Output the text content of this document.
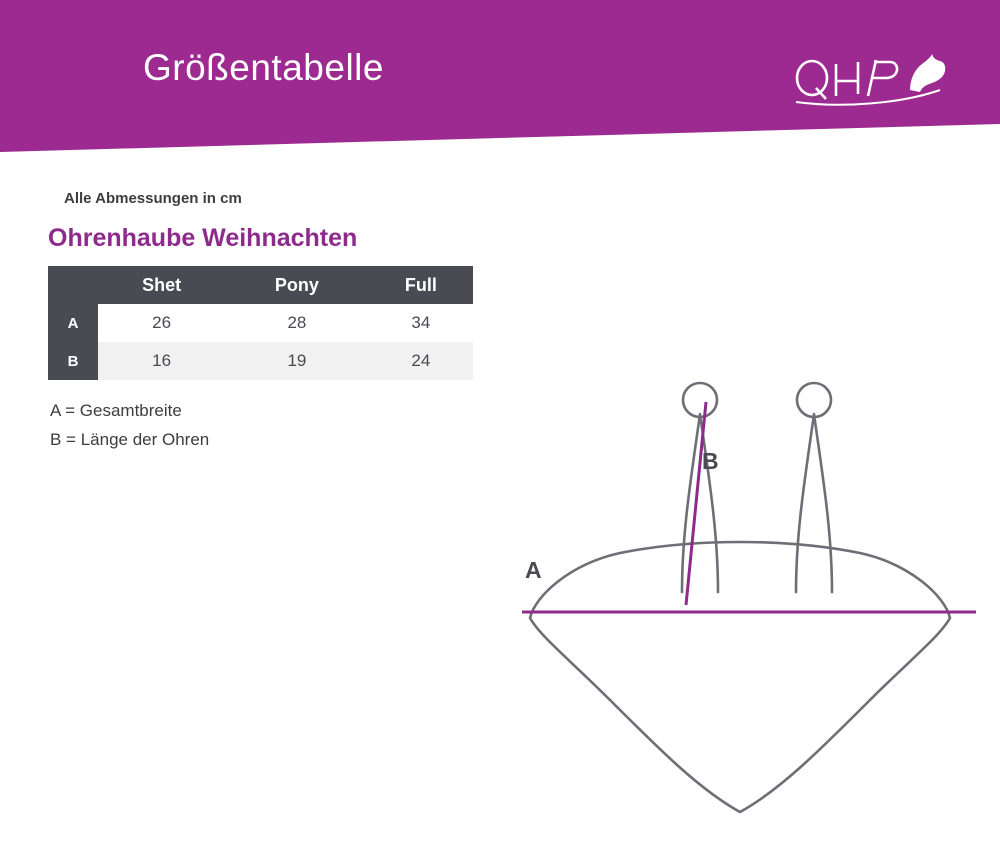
Größentabelle
Alle Abmessungen in cm
Ohrenhaube Weihnachten
	Shet	Pony	Full
A	26	28	34
B	16	19	24
A = Gesamtbreite
B = Länge der Ohren
A
B
